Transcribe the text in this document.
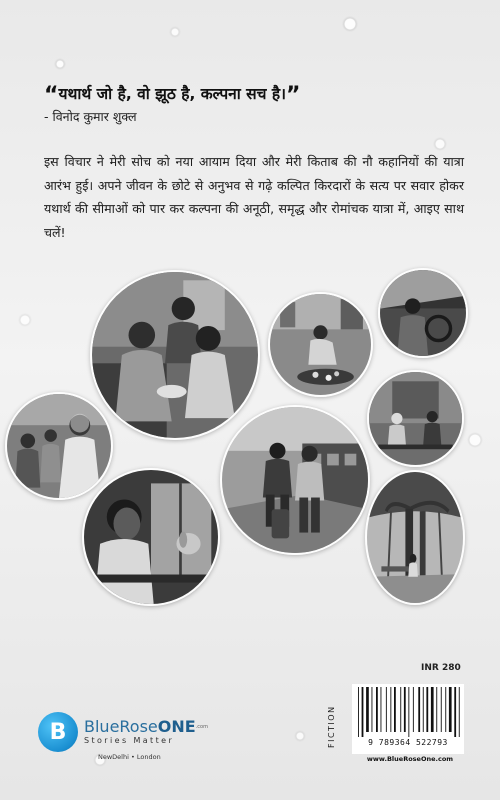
“यथार्थ जो है, वो झूठ है, कल्पना सच है।”
- विनोद कुमार शुक्ल

इस विचार ने मेरी सोच को नया आयाम दिया और मेरी किताब की नौ कहानियों की यात्रा आरंभ हुई। अपने जीवन के छोटे से अनुभव से गढ़े कल्पित किरदारों के सत्य पर सवार होकर यथार्थ की सीमाओं को पार कर कल्पना की अनूठी, समृद्ध और रोमांचक यात्रा में, आइए साथ चलें!

INR 280
FICTION	9 789364 522793
www.BlueRoseOne.com
B	BlueRoseONE$^{.com}$
Stories Matter
NewDelhi • London
